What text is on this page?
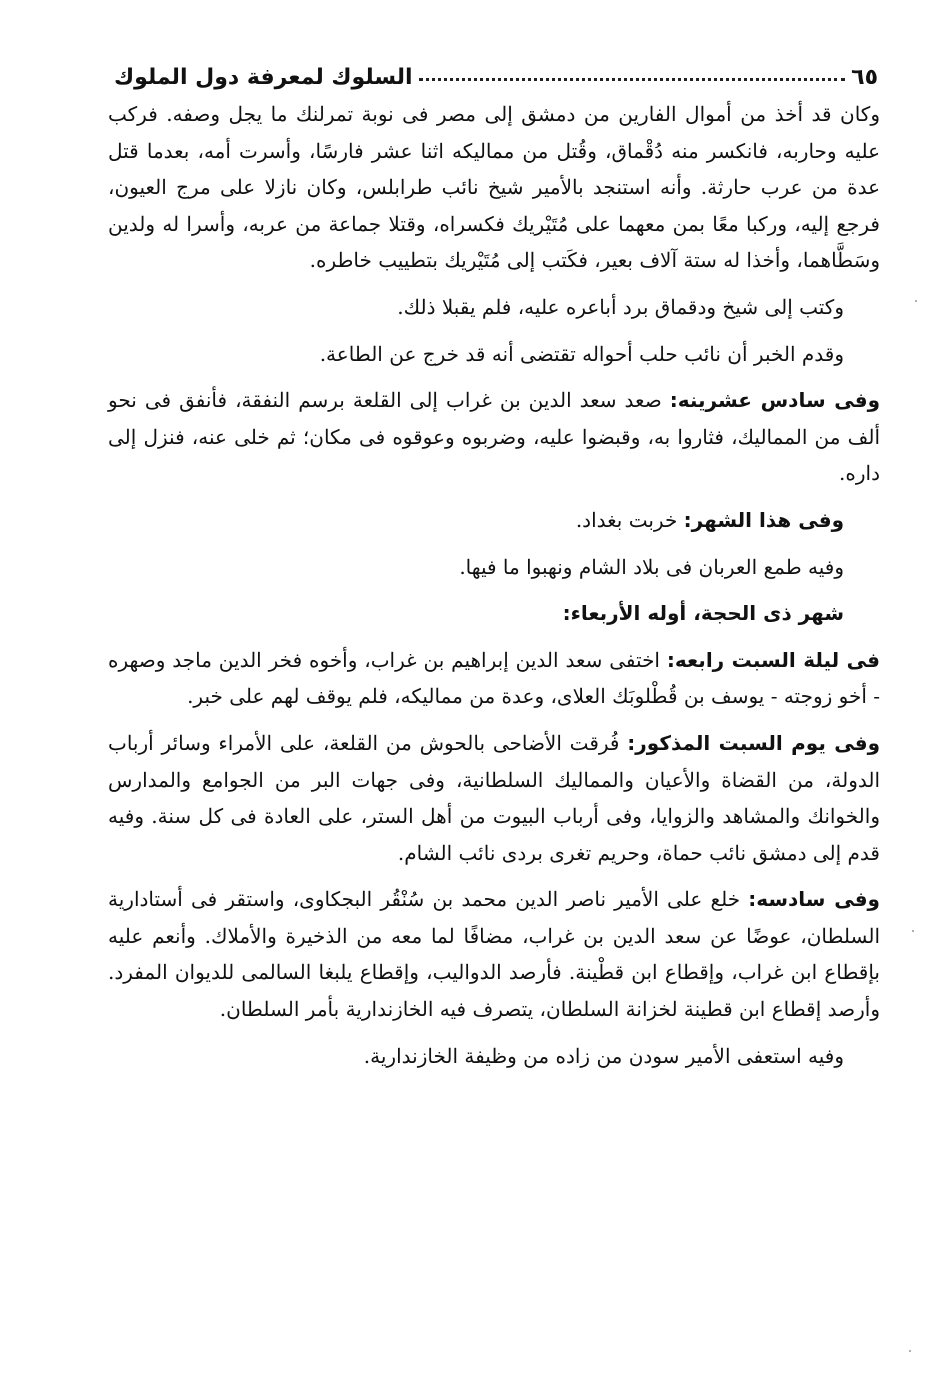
السلوك لمعرفة دول الملوك	٦٥

وكان قد أخذ من أموال الفارين من دمشق إلى مصر فى نوبة تمرلنك ما يجل وصفه. فركب عليه وحاربه، فانكسر منه دُقْماق، وقُتل من مماليكه اثنا عشر فارسًا، وأسرت أمه، بعدما قتل عدة من عرب حارثة. وأنه استنجد بالأمير شيخ نائب طرابلس، وكان نازلا على مرج العيون، فرجع إليه، وركبا معًا بمن معهما على مُتَيْريك فكسراه، وقتلا جماعة من عربه، وأسرا له ولدين وسَطَّاهما، وأخذا له ستة آلاف بعير، فكَتب إلى مُتَيْريك بتطييب خاطره.

وكتب إلى شيخ ودقماق برد أباعره عليه، فلم يقبلا ذلك.

وقدم الخبر أن نائب حلب أحواله تقتضى أنه قد خرج عن الطاعة.

وفى سادس عشرينه: صعد سعد الدين بن غراب إلى القلعة برسم النفقة، فأنفق فى نحو ألف من المماليك، فثاروا به، وقبضوا عليه، وضربوه وعوقوه فى مكان؛ ثم خلى عنه، فنزل إلى داره.

وفى هذا الشهر: خربت بغداد.

وفيه طمع العربان فى بلاد الشام ونهبوا ما فيها.

شهر ذى الحجة، أوله الأربعاء:

فى ليلة السبت رابعه: اختفى سعد الدين إبراهيم بن غراب، وأخوه فخر الدين ماجد وصهره - أخو زوجته - يوسف بن قُطْلوبَك العلاى، وعدة من مماليكه، فلم يوقف لهم على خبر.

وفى يوم السبت المذكور: فُرقت الأضاحى بالحوش من القلعة، على الأمراء وسائر أرباب الدولة، من القضاة والأعيان والمماليك السلطانية، وفى جهات البر من الجوامع والمدارس والخوانك والمشاهد والزوايا، وفى أرباب البيوت من أهل الستر، على العادة فى كل سنة. وفيه قدم إلى دمشق نائب حماة، وحريم تغرى بردى نائب الشام.

وفى سادسه: خلع على الأمير ناصر الدين محمد بن سُنْقُر البجكاوى، واستقر فى أستادارية السلطان، عوضًا عن سعد الدين بن غراب، مضافًا لما معه من الذخيرة والأملاك. وأنعم عليه بإقطاع ابن غراب، وإقطاع ابن قطْينة. فأرصد الدواليب، وإقطاع يلبغا السالمى للديوان المفرد. وأرصد إقطاع ابن قطينة لخزانة السلطان، يتصرف فيه الخازندارية بأمر السلطان.

وفيه استعفى الأمير سودن من زاده من وظيفة الخازندارية.
